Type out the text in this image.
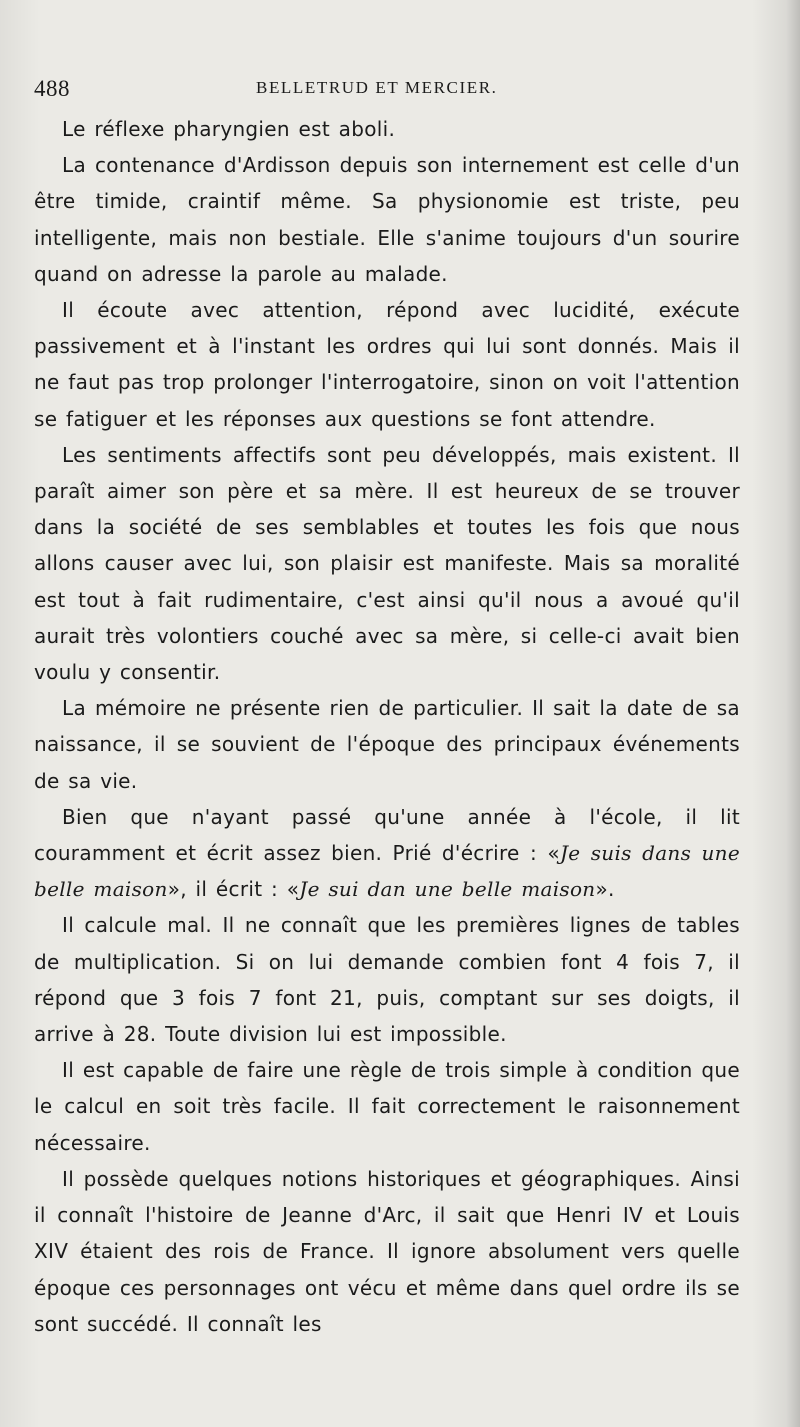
488	BELLETRUD ET MERCIER.

Le réflexe pharyngien est aboli.

La contenance d'Ardisson depuis son internement est celle d'un être timide, craintif même. Sa physionomie est triste, peu intelligente, mais non bestiale. Elle s'anime toujours d'un sourire quand on adresse la parole au malade.

Il écoute avec attention, répond avec lucidité, exécute passivement et à l'instant les ordres qui lui sont donnés. Mais il ne faut pas trop prolonger l'interrogatoire, sinon on voit l'attention se fatiguer et les réponses aux questions se font attendre.

Les sentiments affectifs sont peu développés, mais existent. Il paraît aimer son père et sa mère. Il est heureux de se trouver dans la société de ses semblables et toutes les fois que nous allons causer avec lui, son plaisir est manifeste. Mais sa moralité est tout à fait rudimentaire, c'est ainsi qu'il nous a avoué qu'il aurait très volontiers couché avec sa mère, si celle-ci avait bien voulu y consentir.

La mémoire ne présente rien de particulier. Il sait la date de sa naissance, il se souvient de l'époque des principaux événements de sa vie.

Bien que n'ayant passé qu'une année à l'école, il lit couramment et écrit assez bien. Prié d'écrire : «Je suis dans une belle maison», il écrit : «Je sui dan une belle maison».

Il calcule mal. Il ne connaît que les premières lignes de tables de multiplication. Si on lui demande combien font 4 fois 7, il répond que 3 fois 7 font 21, puis, comptant sur ses doigts, il arrive à 28. Toute division lui est impossible.

Il est capable de faire une règle de trois simple à condition que le calcul en soit très facile. Il fait correctement le raisonnement nécessaire.

Il possède quelques notions historiques et géographiques. Ainsi il connaît l'histoire de Jeanne d'Arc, il sait que Henri IV et Louis XIV étaient des rois de France. Il ignore absolument vers quelle époque ces personnages ont vécu et même dans quel ordre ils se sont succédé. Il connaît les
